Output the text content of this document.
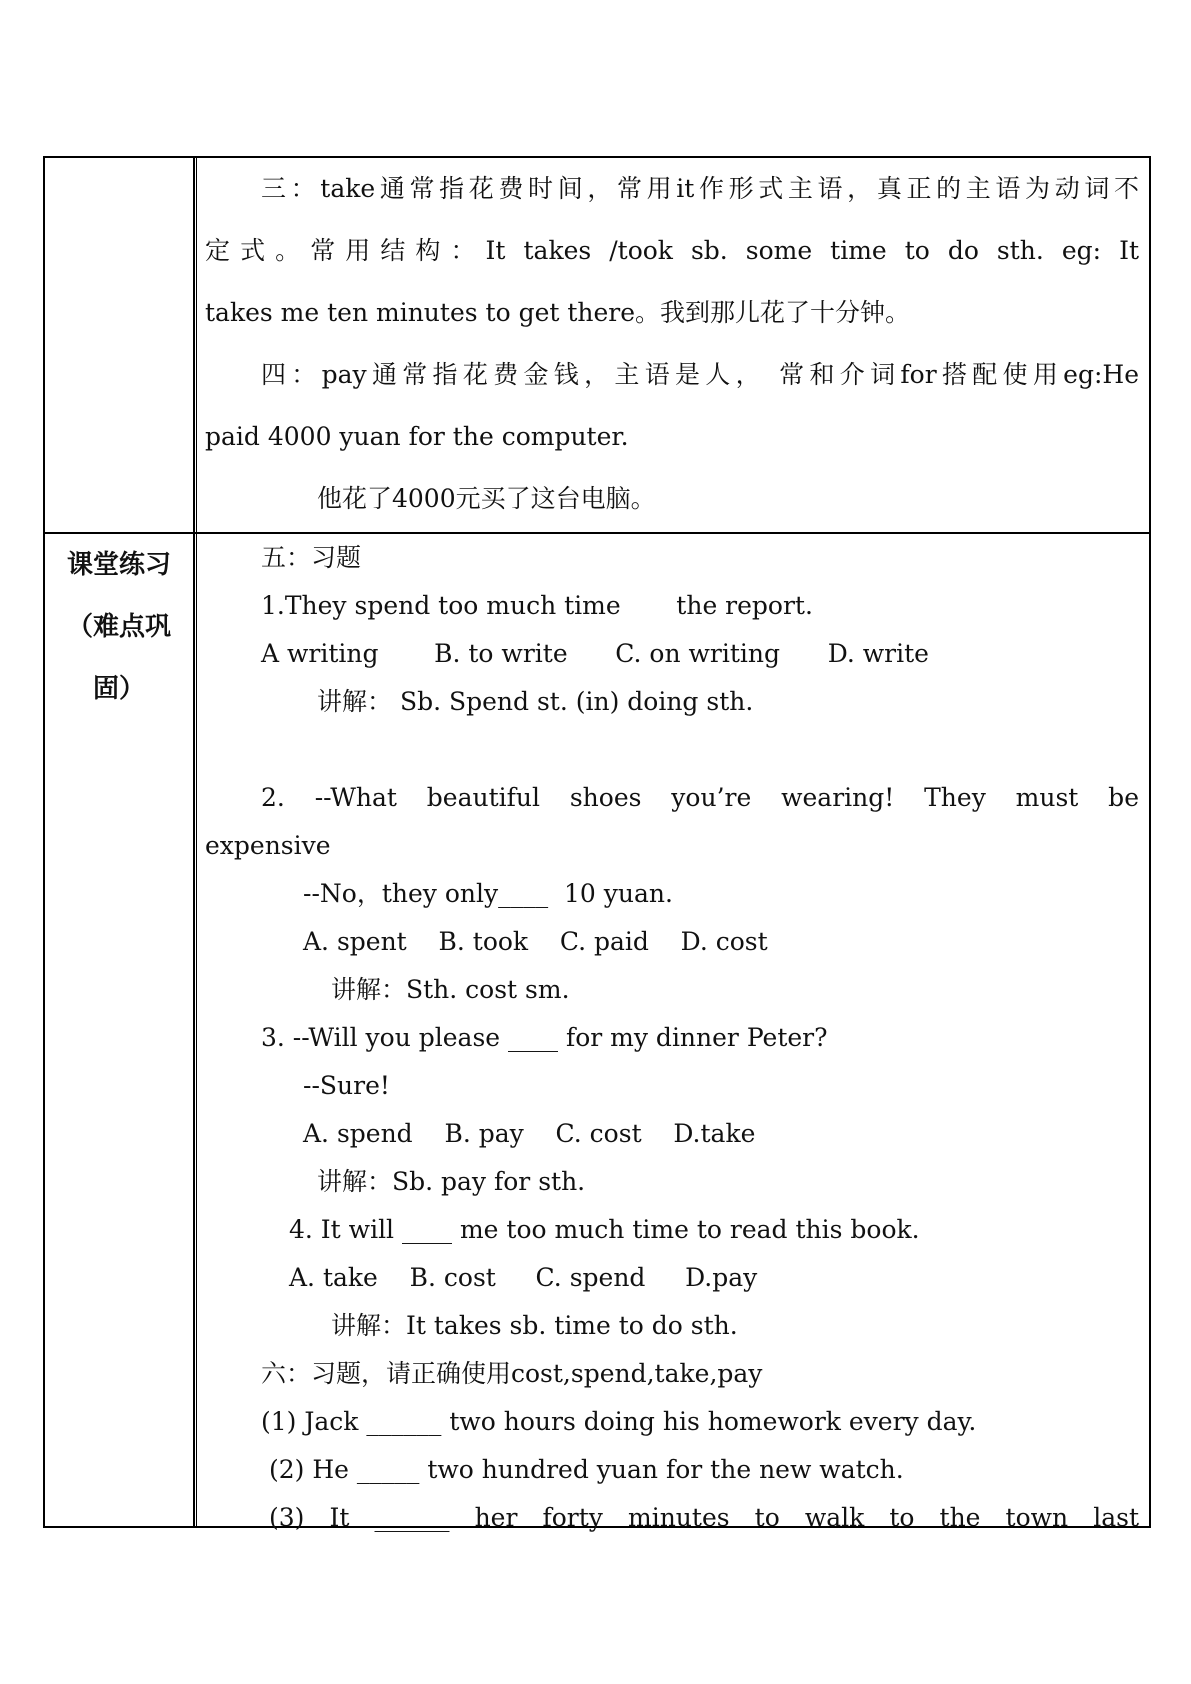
三：take通常指花费时间，常用it作形式主语，真正的主语为动词不
定式。常用结构：It takes /took sb. some time to do sth. eg: It
takes me ten minutes to get there。我到那儿花了十分钟。
四：pay通常指花费金钱，主语是人， 常和介词for搭配使用eg:He
paid 4000 yuan for the computer.
他花了4000元买了这台电脑。
课堂练习
（难点巩
固）
五：习题
1.They spend too much time       the report.
A writing       B. to write      C. on writing      D. write
讲解： Sb. Spend st. (in) doing sth.
2. --What beautiful shoes you’re wearing! They must be
expensive
--No，they only____  10 yuan.
A. spent    B. took    C. paid    D. cost
讲解：Sth. cost sm.
3. --Will you please ____ for my dinner Peter?
--Sure!
A. spend    B. pay    C. cost    D.take
讲解：Sb. pay for sth.
4. It will ____ me too much time to read this book.
A. take    B. cost     C. spend     D.pay
讲解：It takes sb. time to do sth.
六：习题，请正确使用cost,spend,take,pay
(1) Jack ______ two hours doing his homework every day.
(2) He _____ two hundred yuan for the new watch.
(3) It ______ her forty minutes to walk to the town last
